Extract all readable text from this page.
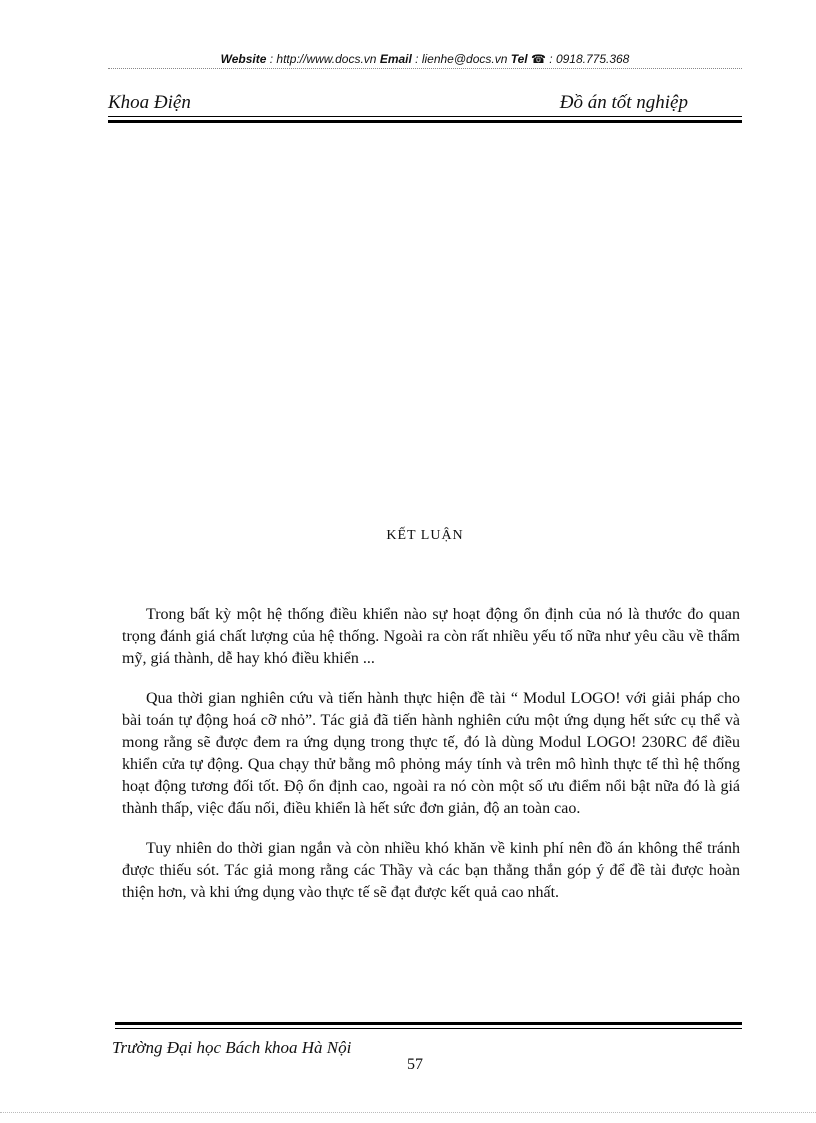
Website : http://www.docs.vn Email : lienhe@docs.vn Tel ☎ : 0918.775.368
Khoa Điện	Đồ án tốt nghiệp
KẾT LUẬN

Trong bất kỳ một hệ thống điều khiển nào sự hoạt động ổn định của nó là thước đo quan trọng đánh giá chất lượng của hệ thống. Ngoài ra còn rất nhiều yếu tố nữa như yêu cầu về thẩm mỹ, giá thành, dễ hay khó điều khiển ...

Qua thời gian nghiên cứu và tiến hành thực hiện đề tài “ Modul LOGO! với giải pháp cho bài toán tự động hoá cỡ nhỏ”. Tác giả đã tiến hành nghiên cứu một ứng dụng hết sức cụ thể và mong rằng sẽ được đem ra ứng dụng trong thực tế, đó là dùng Modul LOGO! 230RC để điều khiển cửa tự động. Qua chạy thử bằng mô phỏng máy tính và trên mô hình thực tế thì hệ thống hoạt động tương đối tốt. Độ ổn định cao, ngoài ra nó còn một số ưu điểm nổi bật nữa đó là giá thành thấp, việc đấu nối, điều khiển là hết sức đơn giản, độ an toàn cao.

Tuy nhiên do thời gian ngắn và còn nhiều khó khăn về kinh phí nên đồ án không thể tránh được thiếu sót. Tác giả mong rằng các Thầy và các bạn thẳng thắn góp ý để đề tài được hoàn thiện hơn, và khi ứng dụng vào thực tế sẽ đạt được kết quả cao nhất.

Trường Đại học Bách khoa Hà Nội
57
